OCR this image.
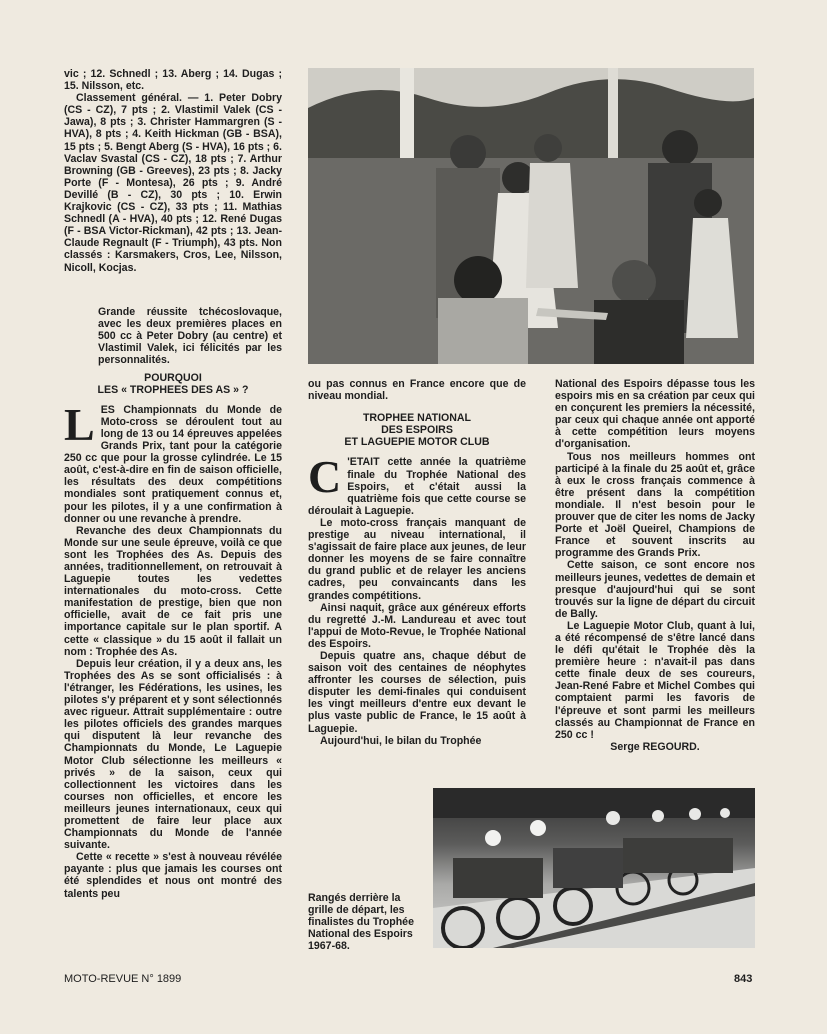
vic ; 12. Schnedl ; 13. Aberg ; 14. Dugas ; 15. Nilsson, etc.

Classement général. — 1. Peter Dobry (CS - CZ), 7 pts ; 2. Vlastimil Valek (CS - Jawa), 8 pts ; 3. Christer Hammargren (S - HVA), 8 pts ; 4. Keith Hickman (GB - BSA), 15 pts ; 5. Bengt Aberg (S - HVA), 16 pts ; 6. Vaclav Svastal (CS - CZ), 18 pts ; 7. Arthur Browning (GB - Greeves), 23 pts ; 8. Jacky Porte (F - Montesa), 26 pts ; 9. André Devillé (B - CZ), 30 pts ; 10. Erwin Krajkovic (CS - CZ), 33 pts ; 11. Mathias Schnedl (A - HVA), 40 pts ; 12. René Dugas (F - BSA Victor-Rickman), 42 pts ; 13. Jean-Claude Regnault (F - Triumph), 43 pts. Non classés : Karsmakers, Cros, Lee, Nilsson, Nicoll, Kocjas.

POURQUOI
LES « TROPHEES DES AS » ?

LES Championnats du Monde de Moto-cross se déroulent tout au long de 13 ou 14 épreuves appelées Grands Prix, tant pour la catégorie 250 cc que pour la grosse cylindrée. Le 15 août, c'est-à-dire en fin de saison officielle, les résultats des deux compétitions mondiales sont pratiquement connus et, pour les pilotes, il y a une confirmation à donner ou une revanche à prendre.

Revanche des deux Championnats du Monde sur une seule épreuve, voilà ce que sont les Trophées des As. Depuis des années, traditionnellement, on retrouvait à Laguepie toutes les vedettes internationales du moto-cross. Cette manifestation de prestige, bien que non officielle, avait de ce fait pris une importance capitale sur le plan sportif. A cette « classique » du 15 août il fallait un nom : Trophée des As.

Depuis leur création, il y a deux ans, les Trophées des As se sont officialisés : à l'étranger, les Fédérations, les usines, les pilotes s'y préparent et y sont sélectionnés avec rigueur. Attrait supplémentaire : outre les pilotes officiels des grandes marques qui disputent là leur revanche des Championnats du Monde, Le Laguepie Motor Club sélectionne les meilleurs « privés » de la saison, ceux qui collectionnent les victoires dans les courses non officielles, et encore les meilleurs jeunes internationaux, ceux qui promettent de faire leur place aux Championnats du Monde de l'année suivante.

Cette « recette » s'est à nouveau révélée payante : plus que jamais les courses ont été splendides et nous ont montré des talents peu

Grande réussite tchécoslovaque, avec les deux premières places en 500 cc à Peter Dobry (au centre) et Vlastimil Valek, ici félicités par les personnalités.

ou pas connus en France encore que de niveau mondial.

TROPHEE NATIONAL
DES ESPOIRS
ET LAGUEPIE MOTOR CLUB

C 'ETAIT cette année la quatrième finale du Trophée National des Espoirs, et c'était aussi la quatrième fois que cette course se déroulait à Laguepie.

Le moto-cross français manquant de prestige au niveau international, il s'agissait de faire place aux jeunes, de leur donner les moyens de se faire connaître du grand public et de relayer les anciens cadres, peu convaincants dans les grandes compétitions.

Ainsi naquit, grâce aux généreux efforts du regretté J.-M. Landureau et avec tout l'appui de Moto-Revue, le Trophée National des Espoirs.

Depuis quatre ans, chaque début de saison voit des centaines de néophytes affronter les courses de sélection, puis disputer les demi-finales qui conduisent les vingt meilleurs d'entre eux devant le plus vaste public de France, le 15 août à Laguepie.

Aujourd'hui, le bilan du Trophée

National des Espoirs dépasse tous les espoirs mis en sa création par ceux qui en conçurent les premiers la nécessité, par ceux qui chaque année ont apporté à cette compétition leurs moyens d'organisation.

Tous nos meilleurs hommes ont participé à la finale du 25 août et, grâce à eux le cross français commence à être présent dans la compétition mondiale. Il n'est besoin pour le prouver que de citer les noms de Jacky Porte et Joël Queirel, Champions de France et souvent inscrits au programme des Grands Prix.

Cette saison, ce sont encore nos meilleurs jeunes, vedettes de demain et presque d'aujourd'hui qui se sont trouvés sur la ligne de départ du circuit de Bally.

Le Laguepie Motor Club, quant à lui, a été récompensé de s'être lancé dans le défi qu'était le Trophée dès la première heure : n'avait-il pas dans cette finale deux de ses coureurs, Jean-René Fabre et Michel Combes qui comptaient parmi les favoris de l'épreuve et sont parmi les meilleurs classés au Championnat de France en 250 cc !

Serge REGOURD.

Rangés derrière la grille de départ, les finalistes du Trophée National des Espoirs 1967-68.
MOTO-REVUE N° 1899	843
